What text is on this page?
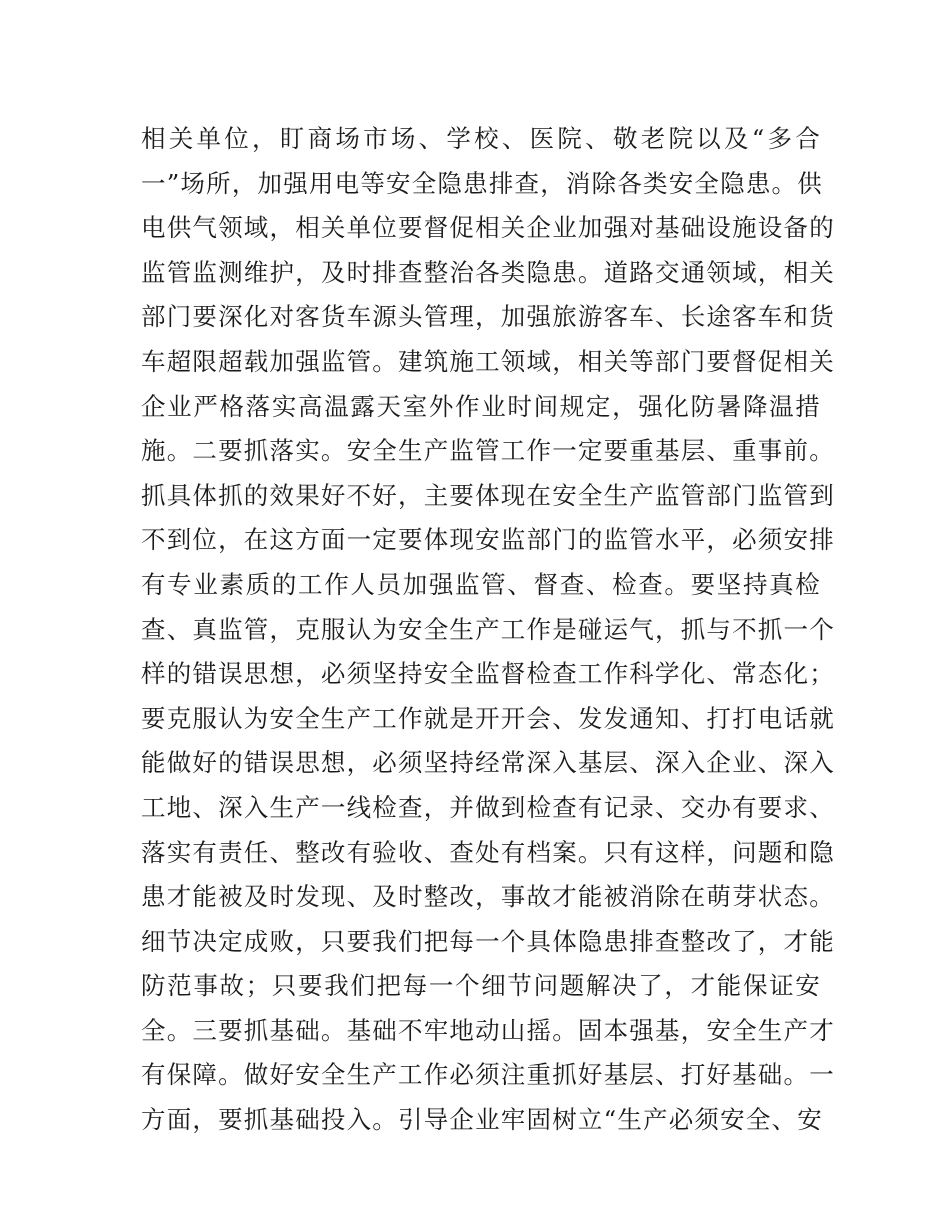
相关单位，盯商场市场、学校、医院、敬老院以及“多合
一”场所，加强用电等安全隐患排查，消除各类安全隐患。供
电供气领域，相关单位要督促相关企业加强对基础设施设备的
监管监测维护，及时排查整治各类隐患。道路交通领域，相关
部门要深化对客货车源头管理，加强旅游客车、长途客车和货
车超限超载加强监管。建筑施工领域，相关等部门要督促相关
企业严格落实高温露天室外作业时间规定，强化防暑降温措
施。二要抓落实。安全生产监管工作一定要重基层、重事前。
抓具体抓的效果好不好，主要体现在安全生产监管部门监管到
不到位，在这方面一定要体现安监部门的监管水平，必须安排
有专业素质的工作人员加强监管、督查、检查。要坚持真检
查、真监管，克服认为安全生产工作是碰运气，抓与不抓一个
样的错误思想，必须坚持安全监督检查工作科学化、常态化；
要克服认为安全生产工作就是开开会、发发通知、打打电话就
能做好的错误思想，必须坚持经常深入基层、深入企业、深入
工地、深入生产一线检查，并做到检查有记录、交办有要求、
落实有责任、整改有验收、查处有档案。只有这样，问题和隐
患才能被及时发现、及时整改，事故才能被消除在萌芽状态。
细节决定成败，只要我们把每一个具体隐患排查整改了，才能
防范事故；只要我们把每一个细节问题解决了，才能保证安
全。三要抓基础。基础不牢地动山摇。固本强基，安全生产才
有保障。做好安全生产工作必须注重抓好基层、打好基础。一
方面，要抓基础投入。引导企业牢固树立“生产必须安全、安
